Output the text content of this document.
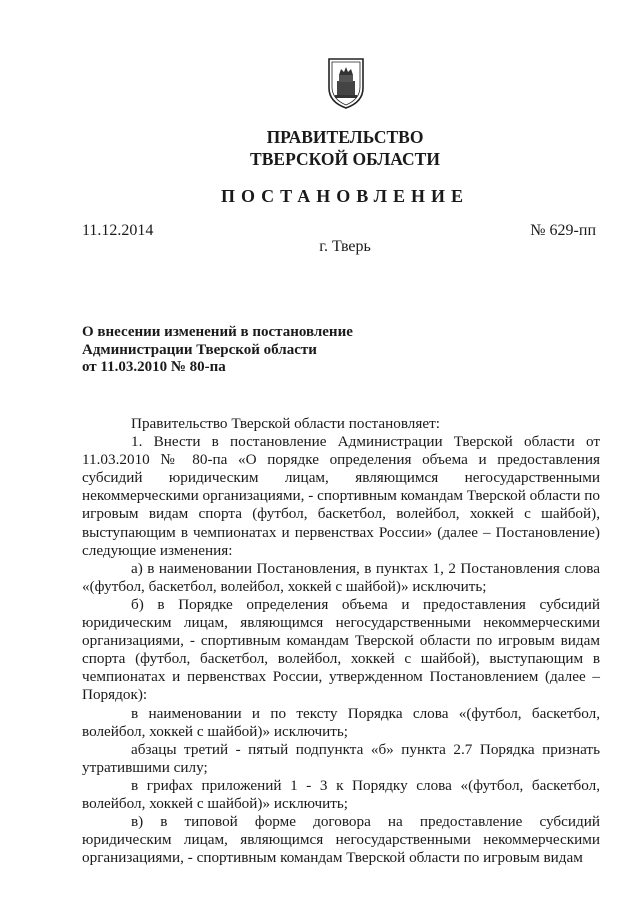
ПРАВИТЕЛЬСТВО
ТВЕРСКОЙ ОБЛАСТИ
ПОСТАНОВЛЕНИЕ
11.12.2014	№ 629-пп
г. Тверь
О внесении изменений в постановление
Администрации Тверской области
от 11.03.2010 № 80-па

Правительство Тверской области постановляет:

1. Внести в постановление Администрации Тверской области от 11.03.2010 № 80-па «О порядке определения объема и предоставления субсидий юридическим лицам, являющимся негосударственными некоммерческими организациями, - спортивным командам Тверской области по игровым видам спорта (футбол, баскетбол, волейбол, хоккей с шайбой), выступающим в чемпионатах и первенствах России» (далее – Постановление) следующие изменения:

а) в наименовании Постановления, в пунктах 1, 2 Постановления слова «(футбол, баскетбол, волейбол, хоккей с шайбой)» исключить;

б) в Порядке определения объема и предоставления субсидий юридическим лицам, являющимся негосударственными некоммерческими организациями, - спортивным командам Тверской области по игровым видам спорта (футбол, баскетбол, волейбол, хоккей с шайбой), выступающим в чемпионатах и первенствах России, утвержденном Постановлением (далее – Порядок):

в наименовании и по тексту Порядка слова «(футбол, баскетбол, волейбол, хоккей с шайбой)» исключить;

абзацы третий - пятый подпункта «б» пункта 2.7 Порядка признать утратившими силу;

в грифах приложений 1 - 3 к Порядку слова «(футбол, баскетбол, волейбол, хоккей с шайбой)» исключить;

в) в типовой форме договора на предоставление субсидий юридическим лицам, являющимся негосударственными некоммерческими организациями, - спортивным командам Тверской области по игровым видам
